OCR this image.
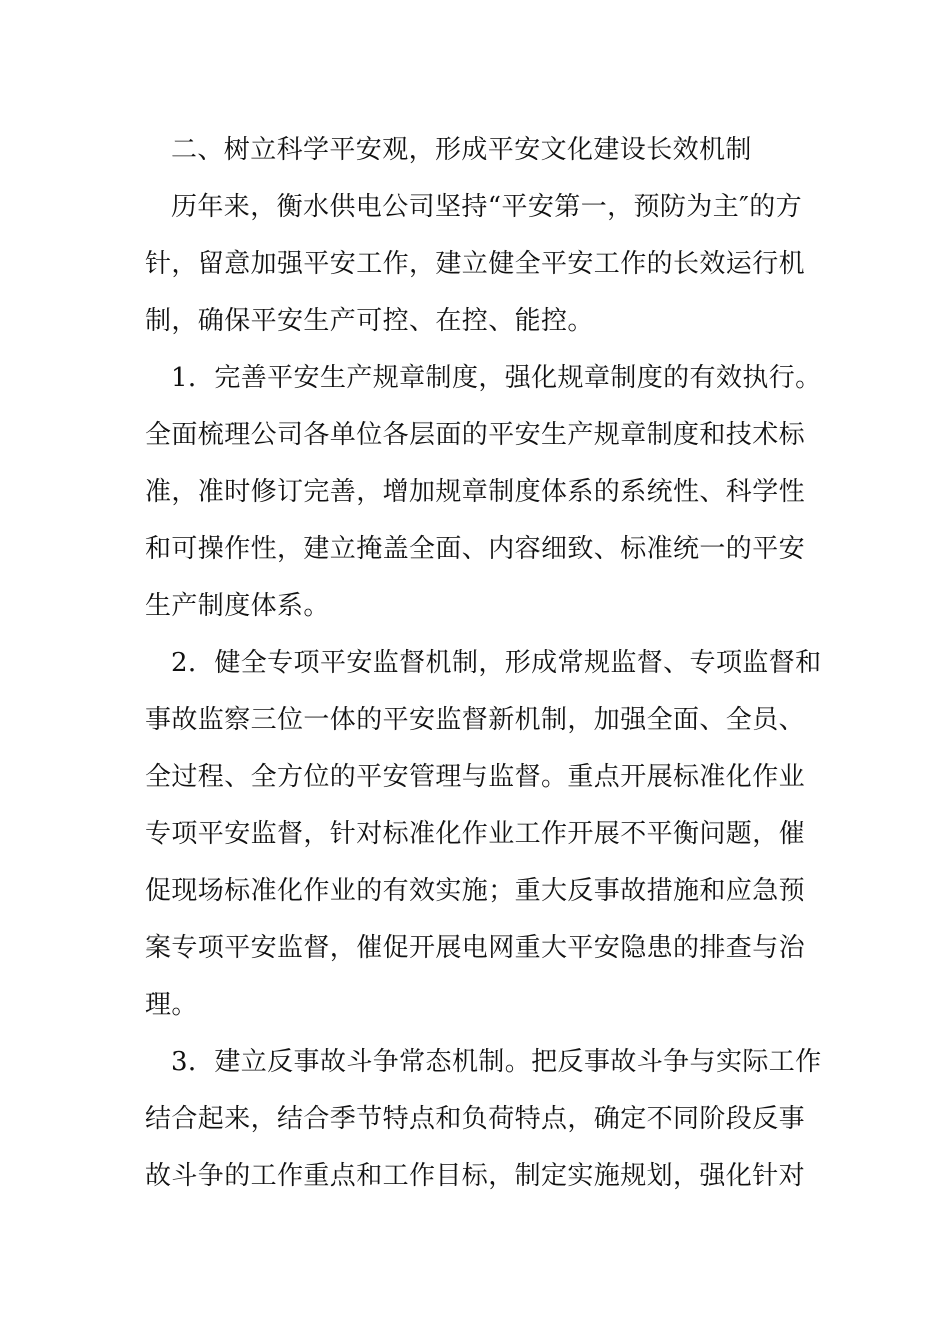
二、树立科学平安观，形成平安文化建设长效机制
历年来，衡水供电公司坚持“平安第一，预防为主″的方
针，留意加强平安工作，建立健全平安工作的长效运行机
制，确保平安生产可控、在控、能控。
1．完善平安生产规章制度，强化规章制度的有效执行。
全面梳理公司各单位各层面的平安生产规章制度和技术标
准，准时修订完善，增加规章制度体系的系统性、科学性
和可操作性，建立掩盖全面、内容细致、标准统一的平安
生产制度体系。
2．健全专项平安监督机制，形成常规监督、专项监督和
事故监察三位一体的平安监督新机制，加强全面、全员、
全过程、全方位的平安管理与监督。重点开展标准化作业
专项平安监督，针对标准化作业工作开展不平衡问题，催
促现场标准化作业的有效实施；重大反事故措施和应急预
案专项平安监督，催促开展电网重大平安隐患的排查与治
理。
3．建立反事故斗争常态机制。把反事故斗争与实际工作
结合起来，结合季节特点和负荷特点，确定不同阶段反事
故斗争的工作重点和工作目标，制定实施规划，强化针对
